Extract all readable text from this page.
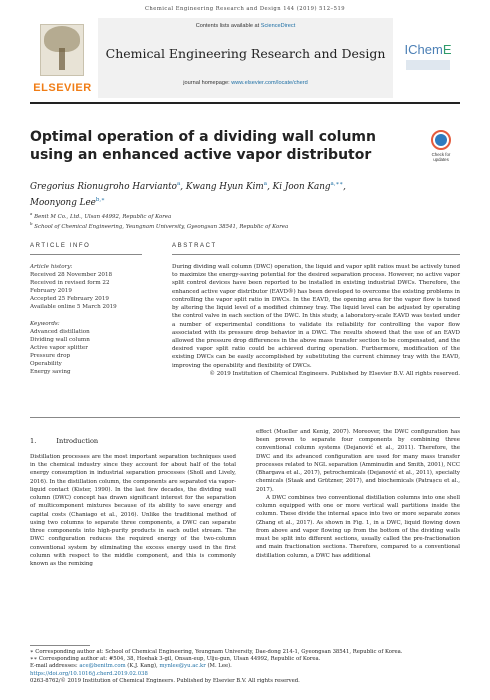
Chemical Engineering Research and Design 144 (2019) 512–519
ELSEVIER
Contents lists available at ScienceDirect
Chemical Engineering Research and Design
journal homepage: www.elsevier.com/locate/cherd
IChemE
Optimal operation of a dividing wall column using an enhanced active vapor distributor	Check for updates
Gregorius Rionugroho Harvianto$^a$, Kwang Hyun Kim$^a$, Ki Joon Kang$^{a,∗∗}$,
Moonyong Lee$^{b,∗}$
$^a$ Benit M Co., Ltd., Ulsan 44992, Republic of Korea
$^b$ School of Chemical Engineering, Yeungnam University, Gyeongsan 38541, Republic of Korea
ARTICLE INFO	ABSTRACT
Article history:
Received 28 November 2018
Received in revised form 22
February 2019
Accepted 25 February 2019
Available online 5 March 2019
Keywords:
Advanced distillation
Dividing wall column
Active vapor splitter
Pressure drop
Operability
Energy saving

During dividing wall column (DWC) operation, the liquid and vapor split ratios must be actively tuned to maximize the energy-saving potential for the desired separation process. However, no active vapor split control devices have been reported to be installed in existing industrial DWCs. Therefore, the enhanced active vapor distributor (EAVD®) has been developed to overcome the existing problems in controlling the vapor split ratio in DWCs. In the EAVD, the opening area for the vapor flow is tuned by altering the liquid level of a modified chimney tray. The liquid level can be adjusted by operating the control valve in each section of the DWC. In this study, a laboratory-scale EAVD was tested under a number of experimental conditions to validate its reliability for controlling the vapor flow associated with its pressure drop behavior in a DWC. The results showed that the use of an EAVD allowed the pressure drop differences in the above mass transfer section to be compensated, and the desired vapor split ratio could be achieved during operation. Furthermore, modification of the existing DWCs can be easily accomplished by substituting the current chimney tray with the EAVD, improving the operability and flexibility of DWCs.

© 2019 Institution of Chemical Engineers. Published by Elsevier B.V. All rights reserved.

1.	Introduction
Distillation processes are the most important separation techniques used in the chemical industry since they account for about half of the total energy consumption in industrial separation processes (Sholl and Lively, 2016). In the distillation column, the components are separated via vapor-liquid contact (Kister, 1990). In the last few decades, the dividing wall column (DWC) concept has drawn significant interest for the separation of multicomponent mixtures because of its ability to save energy and capital costs (Chaniago et al., 2016). Unlike the traditional method of using two columns to separate three components, a DWC can separate three components into high-purity products in each outlet stream. The DWC configuration reduces the required energy of the two-column conventional system by eliminating the excess energy used in the first column with respect to the middle component, and this is commonly known as the remixing

effect (Mueller and Kenig, 2007). Moreover, the DWC configuration has been proven to separate four components by combining three conventional column systems (Dejanović et al., 2011). Therefore, the DWC and its advanced configuration are used for many mass transfer processes related to NGL separation (Amminudin and Smith, 2001), NCC (Bhargava et al., 2017), petrochemicals (Dejanović et al., 2011), specialty chemicals (Staak and Grützner, 2017), and biochemicals (Patrașcu et al., 2017).

A DWC combines two conventional distillation columns into one shell column equipped with one or more vertical wall partitions inside the column. These divide the internal space into two or more separate zones (Zhang et al., 2017). As shown in Fig. 1, in a DWC, liquid flowing down from above and vapor flowing up from the bottom of the dividing walls must be split into different sections, usually called the pre-fractionation and main fractionation sections. Therefore, compared to a conventional distillation column, a DWC has additional

∗ Corresponding author at: School of Chemical Engineering, Yeungnam University, Dae-dong 214-1, Gyeongsan 38541, Republic of Korea.
∗∗ Corresponding author at: #504, 38, Hoehak 3-gil, Onsan-eup, Ulju-gun, Ulsan 44992, Republic of Korea.
E-mail addresses: ace@benitm.com (K.J. Kang), mynlee@yu.ac.kr (M. Lee).
https://doi.org/10.1016/j.cherd.2019.02.038
0263-8762/© 2019 Institution of Chemical Engineers. Published by Elsevier B.V. All rights reserved.
